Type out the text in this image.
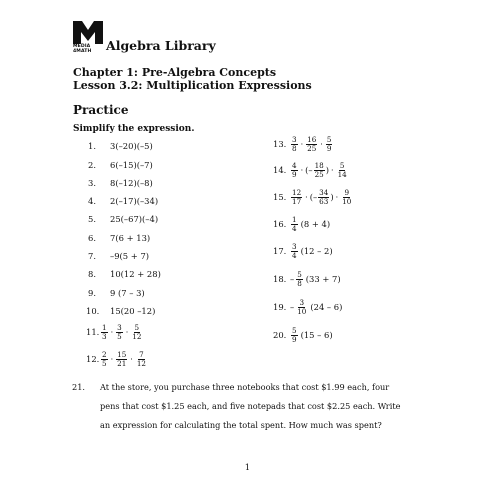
MEDIA
4MATH	Algebra Library
Chapter 1: Pre-Algebra Concepts
Lesson 3.2: Multiplication Expressions
Practice
Simplify the expression.
1.	3(–20)(–5)
2.	6(–15)(–7)
3.	8(–12)(–8)
4.	2(–17)(–34)
5.	25(–67)(–4)
6.	7(6 + 13)
7.	–9(5 + 7)
8.	10(12 + 28)
9.	9 (7 – 3)
10.	15(20 –12)
11. $\frac{1}{3} \cdot \frac{3}{5} \cdot \frac{5}{12}$
12. $\frac{2}{5} \cdot \frac{15}{21} \cdot \frac{7}{12}$
13. $\frac{3}{8} \cdot \frac{16}{25} \cdot \frac{5}{9}$
14. $\frac{4}{9}$ · (– $\frac{18}{25}$ ) · $\frac{5}{14}$
15. $\frac{12}{17}$ · (– $\frac{34}{63}$ ) · $\frac{9}{10}$
16. $\frac{1}{4} (8 + 4)$
17. $\frac{3}{4} (12 - 2)$
18. – $\frac{5}{8} (33 + 7)$
19. – $\frac{3}{10} (24 - 6)$
20. $\frac{5}{9} (15 - 6)$
21.	At the store, you purchase three notebooks that cost $1.99 each, four
pens that cost $1.25 each, and five notepads that cost $2.25 each. Write
an expression for calculating the total spent. How much was spent?
1
